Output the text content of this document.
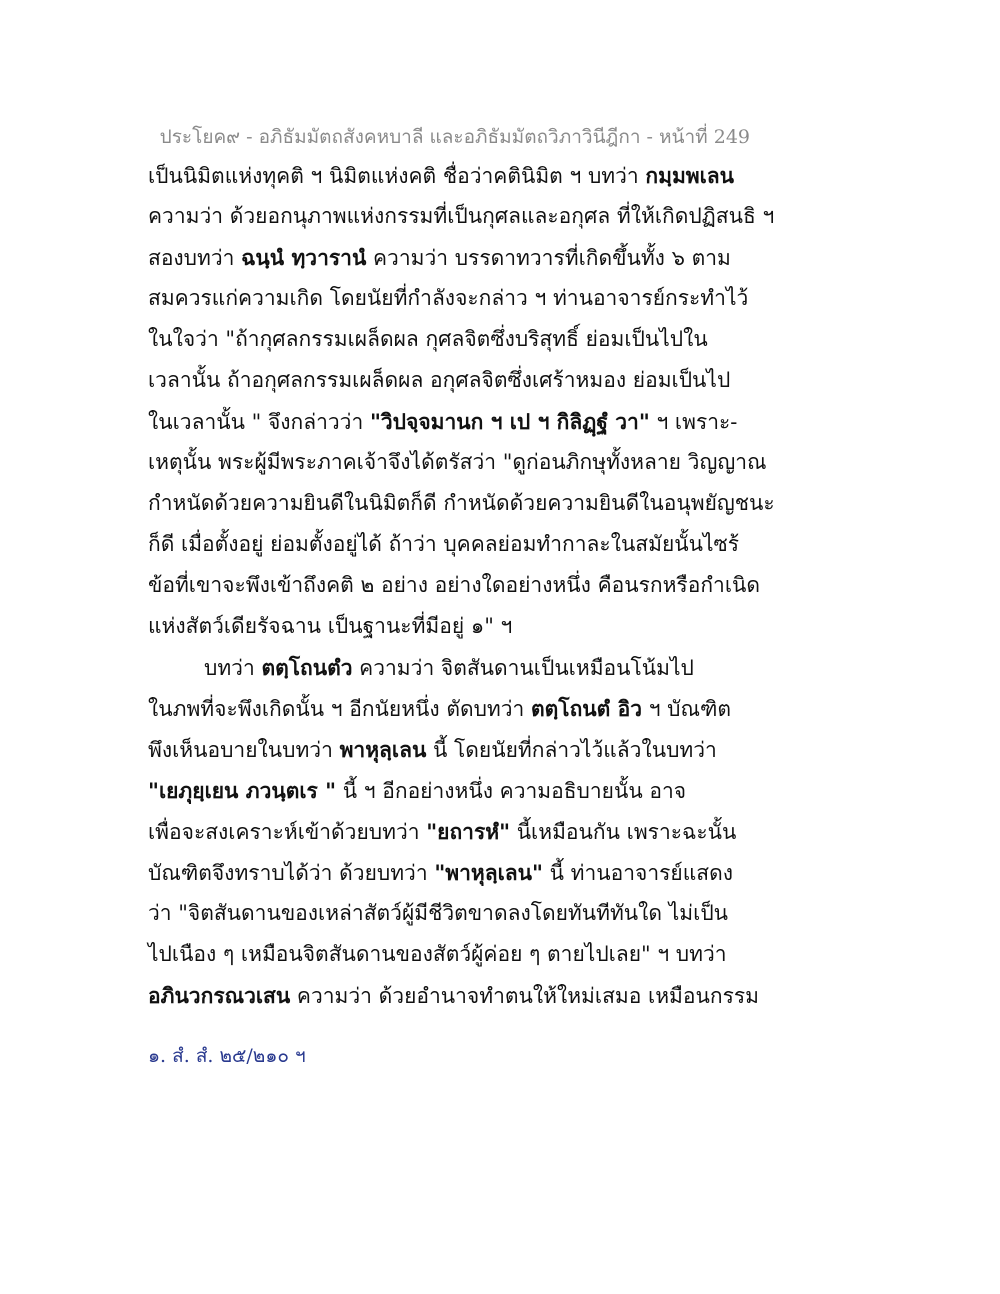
ประโยค๙ - อภิธัมมัตถสังคหบาลี และอภิธัมมัตถวิภาวินีฎีกา - หน้าที่ 249
เป็นนิมิตแห่งทุคติ ฯ นิมิตแห่งคติ ชื่อว่าคตินิมิต ฯ บทว่า กมฺมพเลน
ความว่า ด้วยอกนุภาพแห่งกรรมที่เป็นกุศลและอกุศล ที่ให้เกิดปฏิสนธิ ฯ
สองบทว่า ฉนฺนํ ทฺวารานํ ความว่า บรรดาทวารที่เกิดขึ้นทั้ง ๖ ตาม
สมควรแก่ความเกิด โดยนัยที่กำลังจะกล่าว ฯ ท่านอาจารย์กระทำไว้
ในใจว่า "ถ้ากุศลกรรมเผล็ดผล กุศลจิตซึ่งบริสุทธิ์ ย่อมเป็นไปใน
เวลานั้น ถ้าอกุศลกรรมเผล็ดผล อกุศลจิตซึ่งเศร้าหมอง ย่อมเป็นไป
ในเวลานั้น " จึงกล่าวว่า "วิปจฺจมานก ฯ เป ฯ กิลิฏฺฐํ วา" ฯ เพราะ-
เหตุนั้น พระผู้มีพระภาคเจ้าจึงได้ตรัสว่า "ดูก่อนภิกษุทั้งหลาย วิญญาณ
กำหนัดด้วยความยินดีในนิมิตก็ดี กำหนัดด้วยความยินดีในอนุพยัญชนะ
ก็ดี เมื่อตั้งอยู่ ย่อมตั้งอยู่ได้ ถ้าว่า บุคคลย่อมทำกาละในสมัยนั้นไซร้
ข้อที่เขาจะพึงเข้าถึงคติ ๒ อย่าง อย่างใดอย่างหนึ่ง คือนรกหรือกำเนิด
แห่งสัตว์เดียรัจฉาน เป็นฐานะที่มีอยู่ ๑" ฯ
บทว่า ตตฺโถนตํว ความว่า จิตสันดานเป็นเหมือนโน้มไป
ในภพที่จะพึงเกิดนั้น ฯ อีกนัยหนึ่ง ตัดบทว่า ตตฺโถนตํ อิว ฯ บัณฑิต
พึงเห็นอบายในบทว่า พาหุลฺเลน นี้ โดยนัยที่กล่าวไว้แล้วในบทว่า
"เยภุยฺเยน ภวนฺตเร " นี้ ฯ อีกอย่างหนึ่ง ความอธิบายนั้น อาจ
เพื่อจะสงเคราะห์เข้าด้วยบทว่า "ยถารหํ" นี้เหมือนกัน เพราะฉะนั้น
บัณฑิตจึงทราบได้ว่า ด้วยบทว่า "พาหุลฺเลน" นี้ ท่านอาจารย์แสดง
ว่า "จิตสันดานของเหล่าสัตว์ผู้มีชีวิตขาดลงโดยทันทีทันใด ไม่เป็น
ไปเนือง ๆ เหมือนจิตสันดานของสัตว์ผู้ค่อย ๆ ตายไปเลย" ฯ บทว่า
อภินวกรณวเสน ความว่า ด้วยอำนาจทำตนให้ใหม่เสมอ เหมือนกรรม
๑. สํ. สํ. ๒๕/๒๑๐ ฯ
